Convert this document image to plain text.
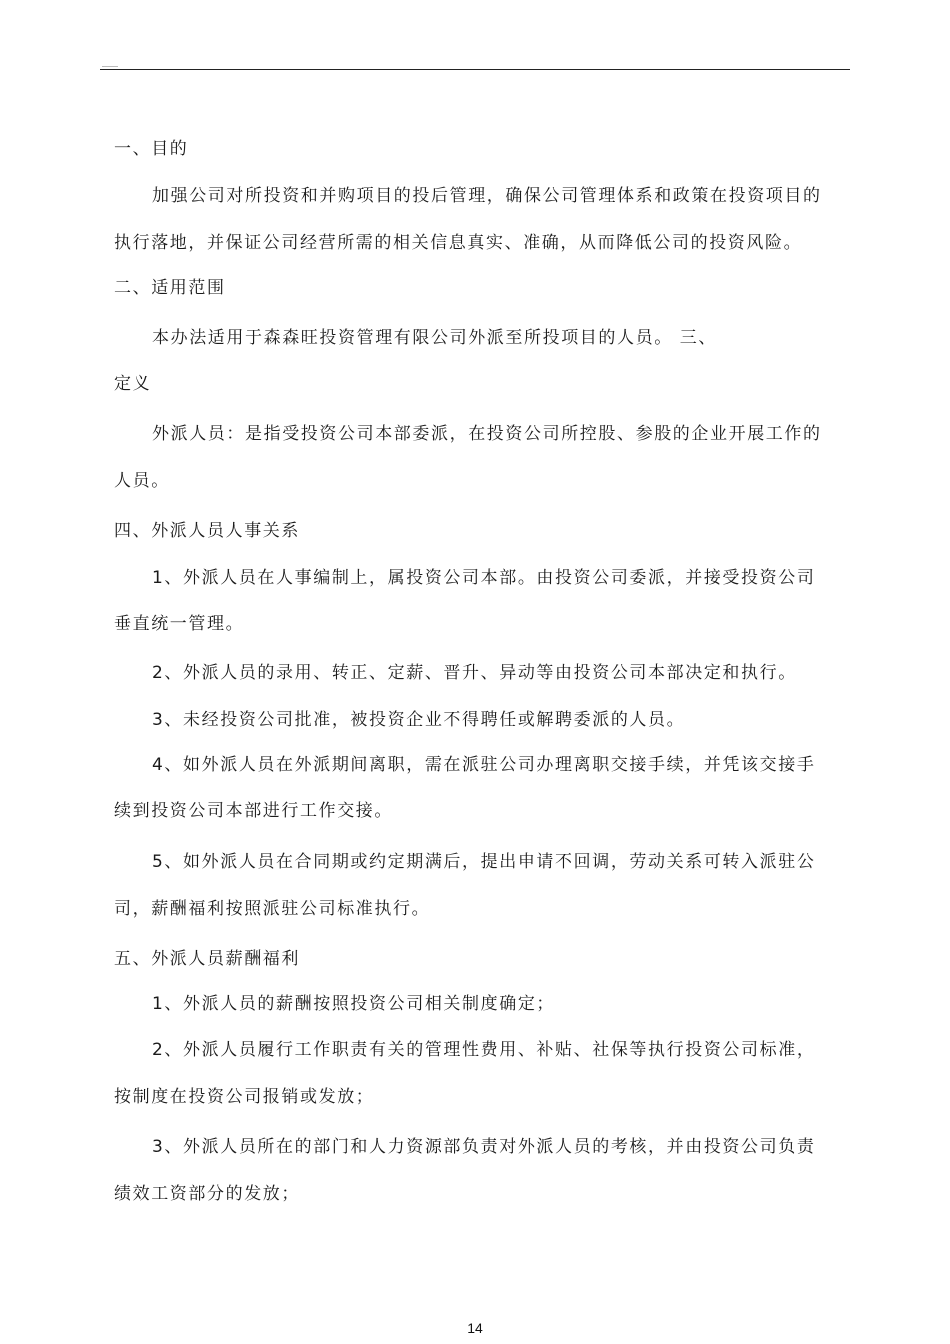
一、目的
加强公司对所投资和并购项目的投后管理，确保公司管理体系和政策在投资项目的
执行落地，并保证公司经营所需的相关信息真实、准确，从而降低公司的投资风险。
二、适用范围
本办法适用于森森旺投资管理有限公司外派至所投项目的人员。 三、
定义
外派人员：是指受投资公司本部委派，在投资公司所控股、参股的企业开展工作的
人员。
四、外派人员人事关系
1、外派人员在人事编制上，属投资公司本部。由投资公司委派，并接受投资公司
垂直统一管理。
2、外派人员的录用、转正、定薪、晋升、异动等由投资公司本部决定和执行。
3、未经投资公司批准，被投资企业不得聘任或解聘委派的人员。
4、如外派人员在外派期间离职，需在派驻公司办理离职交接手续，并凭该交接手
续到投资公司本部进行工作交接。
5、如外派人员在合同期或约定期满后，提出申请不回调，劳动关系可转入派驻公
司，薪酬福利按照派驻公司标准执行。
五、外派人员薪酬福利
1、外派人员的薪酬按照投资公司相关制度确定；
2、外派人员履行工作职责有关的管理性费用、补贴、社保等执行投资公司标准，
按制度在投资公司报销或发放；
3、外派人员所在的部门和人力资源部负责对外派人员的考核，并由投资公司负责
绩效工资部分的发放；
14
